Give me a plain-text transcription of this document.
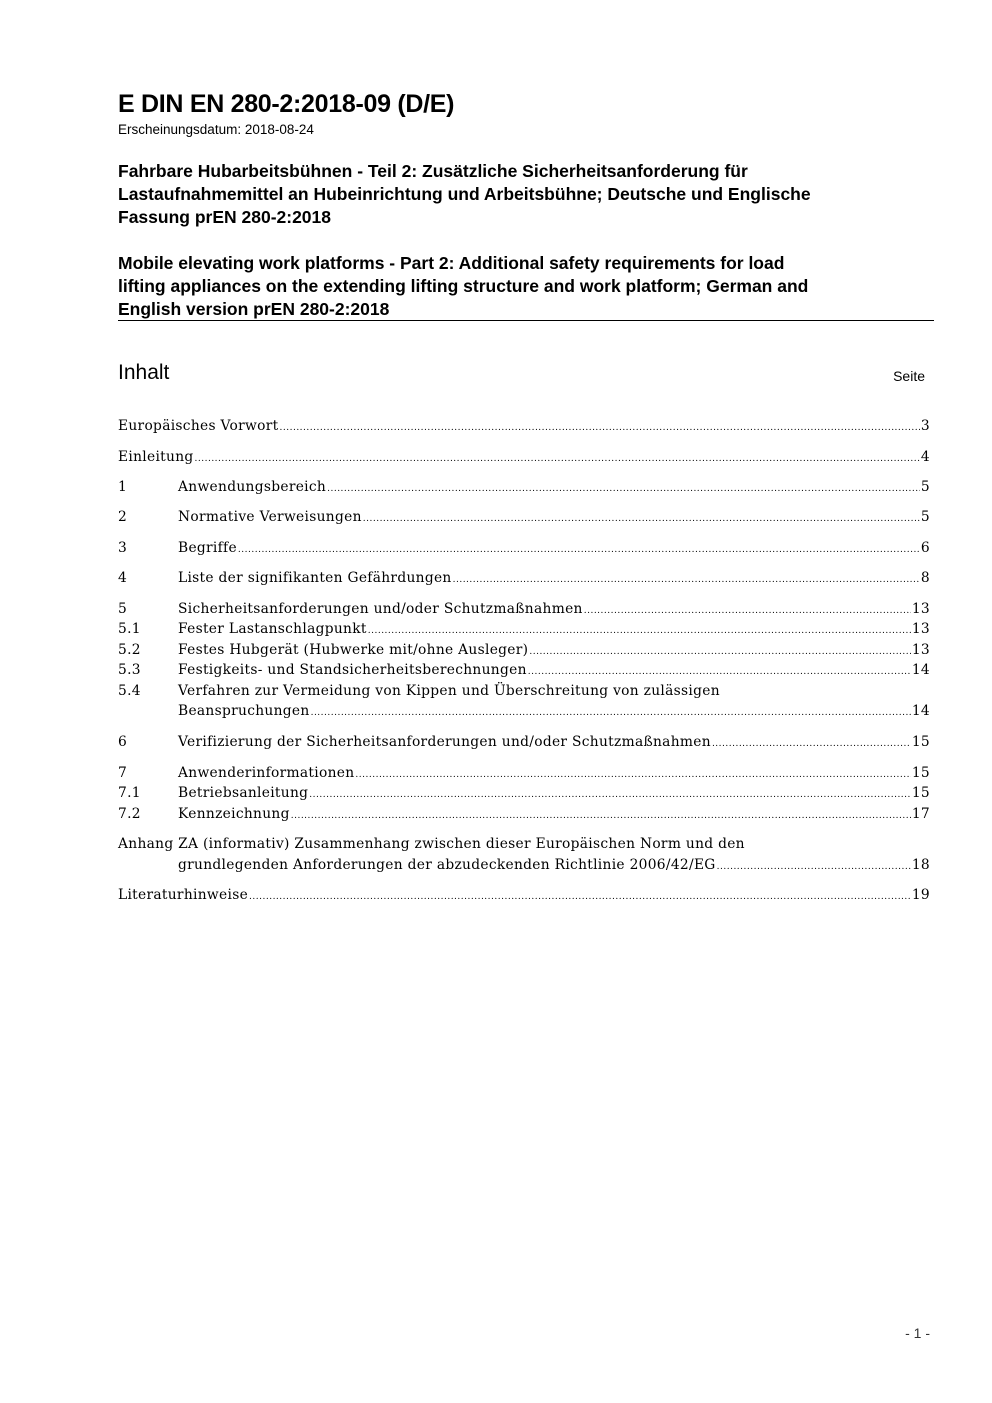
E DIN EN 280-2:2018-09 (D/E)
Erscheinungsdatum: 2018-08-24
Fahrbare Hubarbeitsbühnen - Teil 2: Zusätzliche Sicherheitsanforderung für
Lastaufnahmemittel an Hubeinrichtung und Arbeitsbühne; Deutsche und Englische
Fassung prEN 280-2:2018
Mobile elevating work platforms - Part 2: Additional safety requirements for load
lifting appliances on the extending lifting structure and work platform; German and
English version prEN 280-2:2018
Inhalt	Seite
Europäisches Vorwort .....	3
Einleitung .....	4
1	Anwendungsbereich .....	5
2	Normative Verweisungen .....	5
3	Begriffe .....	6
4	Liste der signifikanten Gefährdungen .....	8
5	Sicherheitsanforderungen und/oder Schutzmaßnahmen .....	13
5.1	Fester Lastanschlagpunkt .....	13
5.2	Festes Hubgerät (Hubwerke mit/ohne Ausleger) .....	13
5.3	Festigkeits- und Standsicherheitsberechnungen .....	14
5.4	Verfahren zur Vermeidung von Kippen und Überschreitung von zulässigen
Beanspruchungen .....	14
6	Verifizierung der Sicherheitsanforderungen und/oder Schutzmaßnahmen .....	15
7	Anwenderinformationen .....	15
7.1	Betriebsanleitung .....	15
7.2	Kennzeichnung .....	17
Anhang ZA (informativ) Zusammenhang zwischen dieser Europäischen Norm und den
grundlegenden Anforderungen der abzudeckenden Richtlinie 2006/42/EG .....	18
Literaturhinweise .....	19
- 1 -
